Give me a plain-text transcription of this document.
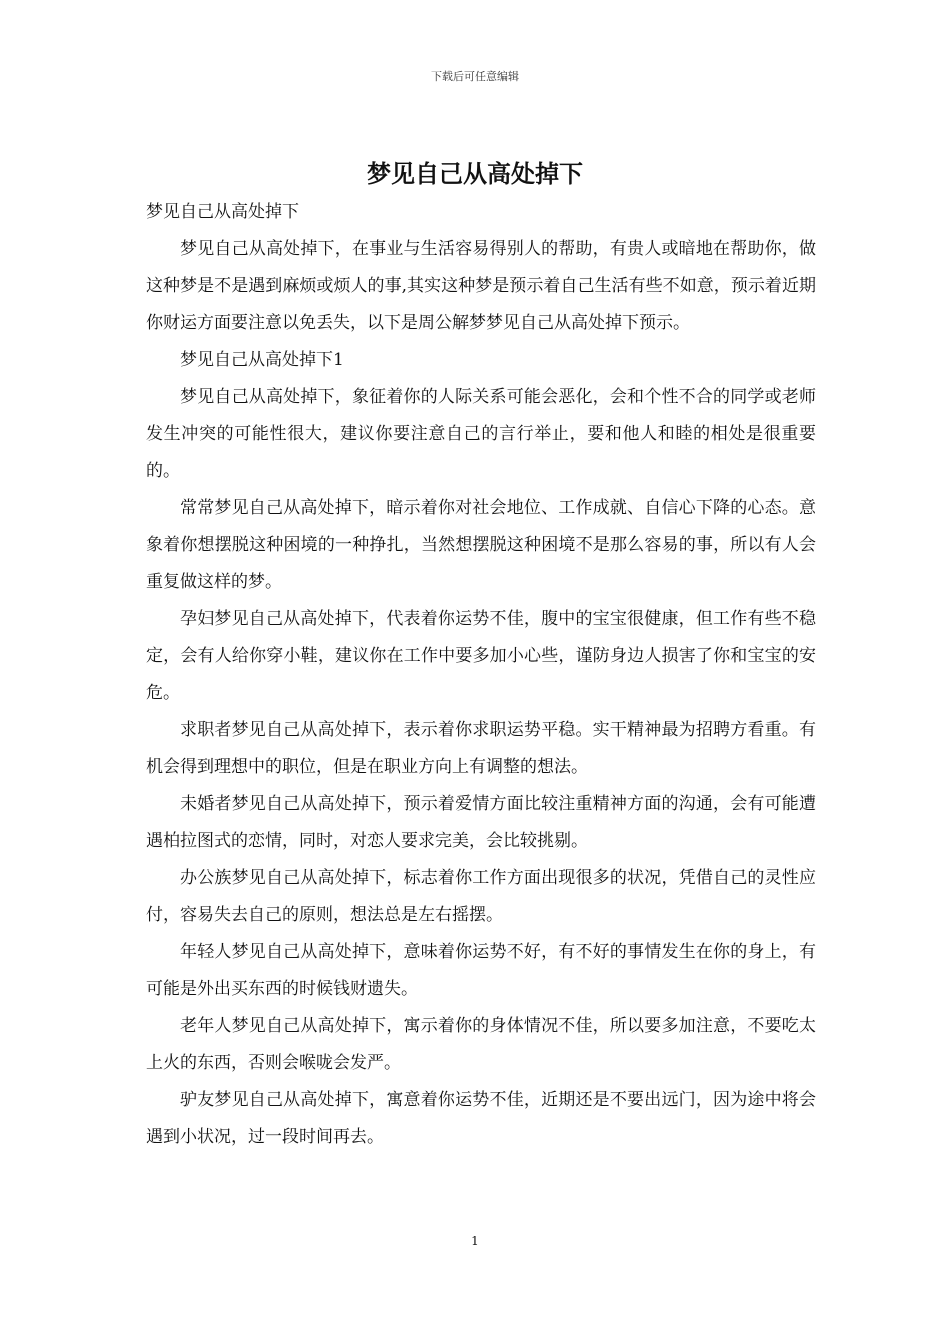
下载后可任意编辑
梦见自己从高处掉下

梦见自己从高处掉下

梦见自己从高处掉下，在事业与生活容易得别人的帮助，有贵人或暗地在帮助你，做这种梦是不是遇到麻烦或烦人的事,其实这种梦是预示着自己生活有些不如意，预示着近期你财运方面要注意以免丢失，以下是周公解梦梦见自己从高处掉下预示。

梦见自己从高处掉下1

梦见自己从高处掉下，象征着你的人际关系可能会恶化，会和个性不合的同学或老师发生冲突的可能性很大，建议你要注意自己的言行举止，要和他人和睦的相处是很重要的。

常常梦见自己从高处掉下，暗示着你对社会地位、工作成就、自信心下降的心态。意象着你想摆脱这种困境的一种挣扎，当然想摆脱这种困境不是那么容易的事，所以有人会重复做这样的梦。

孕妇梦见自己从高处掉下，代表着你运势不佳，腹中的宝宝很健康，但工作有些不稳定，会有人给你穿小鞋，建议你在工作中要多加小心些，谨防身边人损害了你和宝宝的安危。

求职者梦见自己从高处掉下，表示着你求职运势平稳。实干精神最为招聘方看重。有机会得到理想中的职位，但是在职业方向上有调整的想法。

未婚者梦见自己从高处掉下，预示着爱情方面比较注重精神方面的沟通，会有可能遭遇柏拉图式的恋情，同时，对恋人要求完美，会比较挑剔。

办公族梦见自己从高处掉下，标志着你工作方面出现很多的状况，凭借自己的灵性应付，容易失去自己的原则，想法总是左右摇摆。

年轻人梦见自己从高处掉下，意味着你运势不好，有不好的事情发生在你的身上，有可能是外出买东西的时候钱财遗失。

老年人梦见自己从高处掉下，寓示着你的身体情况不佳，所以要多加注意，不要吃太上火的东西，否则会喉咙会发严。

驴友梦见自己从高处掉下，寓意着你运势不佳，近期还是不要出远门，因为途中将会遇到小状况，过一段时间再去。

1
